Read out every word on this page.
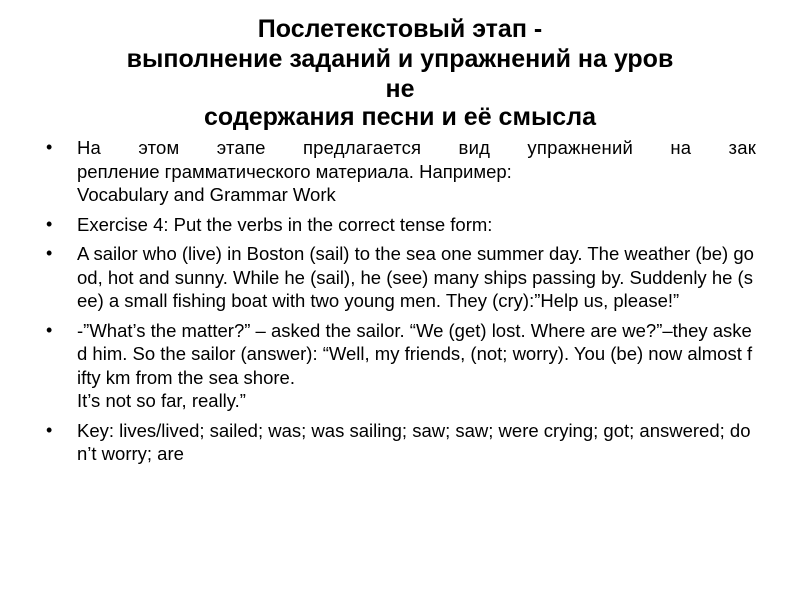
Послетекстовый этап -
выполнение заданий и упражнений на уров
не
содержания песни и её смысла
• На этом этапе предлагается вид упражнений на зак
репление грамматического материала. Например:
Vocabulary and Grammar Work
• Exercise 4: Put the verbs in the correct tense form:
• A sailor who (live) in Boston (sail) to the sea one summer day. The weather (be) good, hot and sunny. While he (sail), he (see) many ships passing by. Suddenly he (see) a small fishing boat with two young men. They (cry):”Help us, please!”
• -”What’s the matter?” – asked the sailor. “We (get) lost. Where are we?”–they asked him. So the sailor (answer): “Well, my friends, (not; worry). You (be) now almost fifty km from the sea shore.
It’s not so far, really.”
• Key: lives/lived; sailed; was; was sailing; saw; saw; were crying; got; answered; don’t worry; are
